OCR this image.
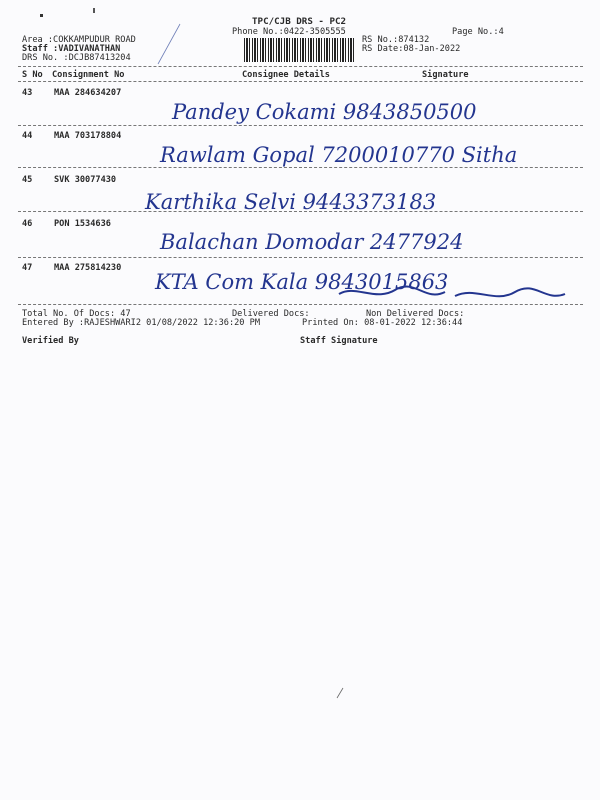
TPC/CJB DRS - PC2
Phone No.:0422-3505555	Page No.:4
Area :COKKAMPUDUR ROAD
Staff :VADIVANATHAN
DRS No. :DCJB87413204
RS No.:874132
RS Date:08-Jan-2022
S No Consignment No	Consignee Details	Signature
43	MAA 284634207
Pandey Cokami 9843850500
44	MAA 703178804
Rawlam Gopal 7200010770 Sitha
45	SVK 30077430
Karthika Selvi 9443373183
46	PON 1534636
Balachan Domodar 2477924
47	MAA 275814230
KTA Com Kala 9843015863
Total No. Of Docs: 47	Delivered Docs:	Non Delivered Docs:
Entered By :RAJESHWARI2 01/08/2022 12:36:20 PM	Printed On: 08-01-2022 12:36:44
Verified By	Staff Signature
